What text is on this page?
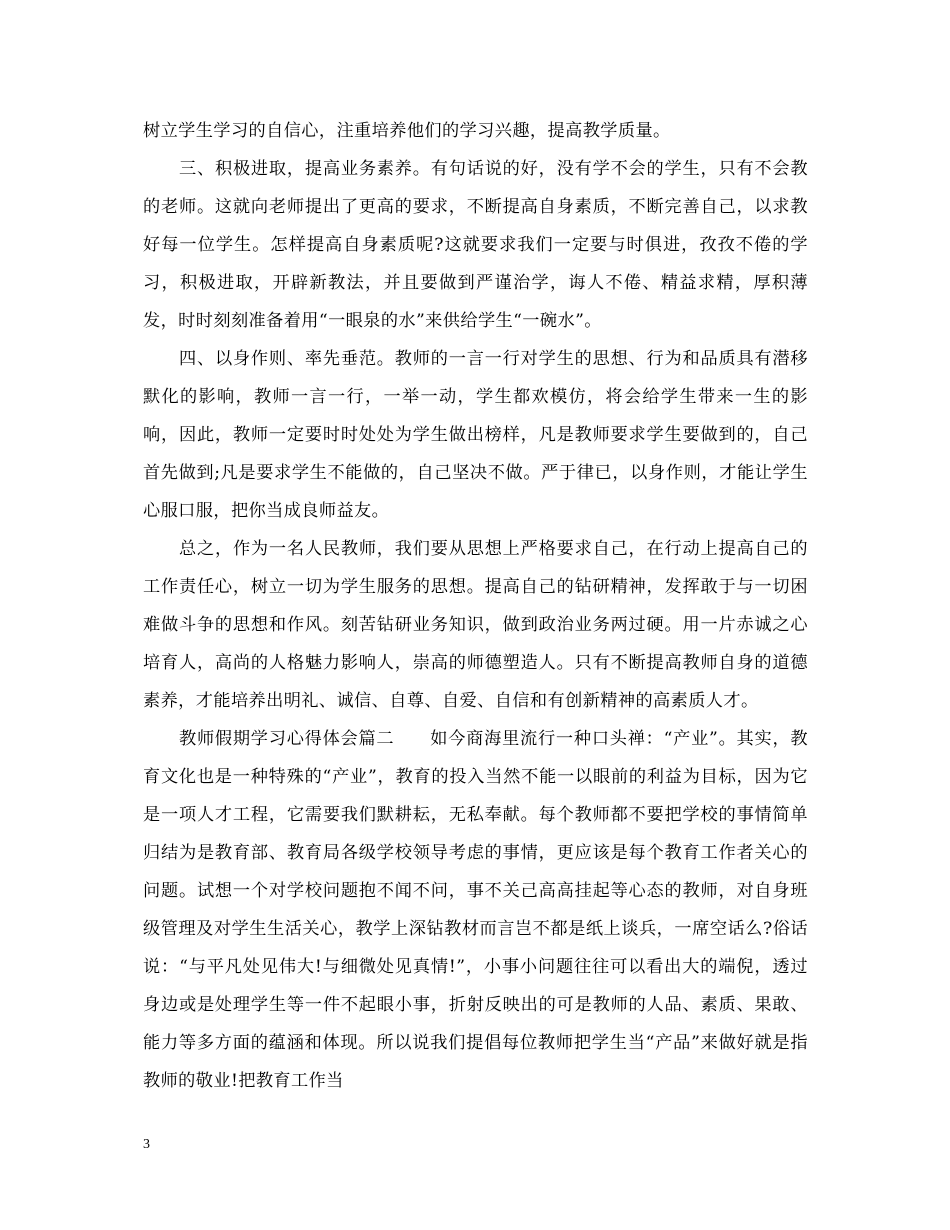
树立学生学习的自信心，注重培养他们的学习兴趣，提高教学质量。

三、积极进取，提高业务素养。有句话说的好，没有学不会的学生，只有不会教的老师。这就向老师提出了更高的要求，不断提高自身素质，不断完善自己，以求教好每一位学生。怎样提高自身素质呢?这就要求我们一定要与时俱进，孜孜不倦的学习，积极进取，开辟新教法，并且要做到严谨治学，诲人不倦、精益求精，厚积薄发，时时刻刻准备着用“一眼泉的水”来供给学生“一碗水”。

四、以身作则、率先垂范。教师的一言一行对学生的思想、行为和品质具有潜移默化的影响，教师一言一行，一举一动，学生都欢模仿，将会给学生带来一生的影响，因此，教师一定要时时处处为学生做出榜样，凡是教师要求学生要做到的，自己首先做到;凡是要求学生不能做的，自己坚决不做。严于律已，以身作则，才能让学生心服口服，把你当成良师益友。

总之，作为一名人民教师，我们要从思想上严格要求自己，在行动上提高自己的工作责任心，树立一切为学生服务的思想。提高自己的钻研精神，发挥敢于与一切困难做斗争的思想和作风。刻苦钻研业务知识，做到政治业务两过硬。用一片赤诚之心培育人，高尚的人格魅力影响人，崇高的师德塑造人。只有不断提高教师自身的道德素养，才能培养出明礼、诚信、自尊、自爱、自信和有创新精神的高素质人才。

教师假期学习心得体会篇二　　如今商海里流行一种口头禅：“产业”。其实，教育文化也是一种特殊的“产业”，教育的投入当然不能一以眼前的利益为目标，因为它是一项人才工程，它需要我们默耕耘，无私奉献。每个教师都不要把学校的事情简单归结为是教育部、教育局各级学校领导考虑的事情，更应该是每个教育工作者关心的问题。试想一个对学校问题抱不闻不问，事不关己高高挂起等心态的教师，对自身班级管理及对学生生活关心，教学上深钻教材而言岂不都是纸上谈兵，一席空话么?俗话说：“与平凡处见伟大!与细微处见真情!”，小事小问题往往可以看出大的端倪，透过身边或是处理学生等一件不起眼小事，折射反映出的可是教师的人品、素质、果敢、能力等多方面的蕴涵和体现。所以说我们提倡每位教师把学生当“产品”来做好就是指教师的敬业!把教育工作当

3
